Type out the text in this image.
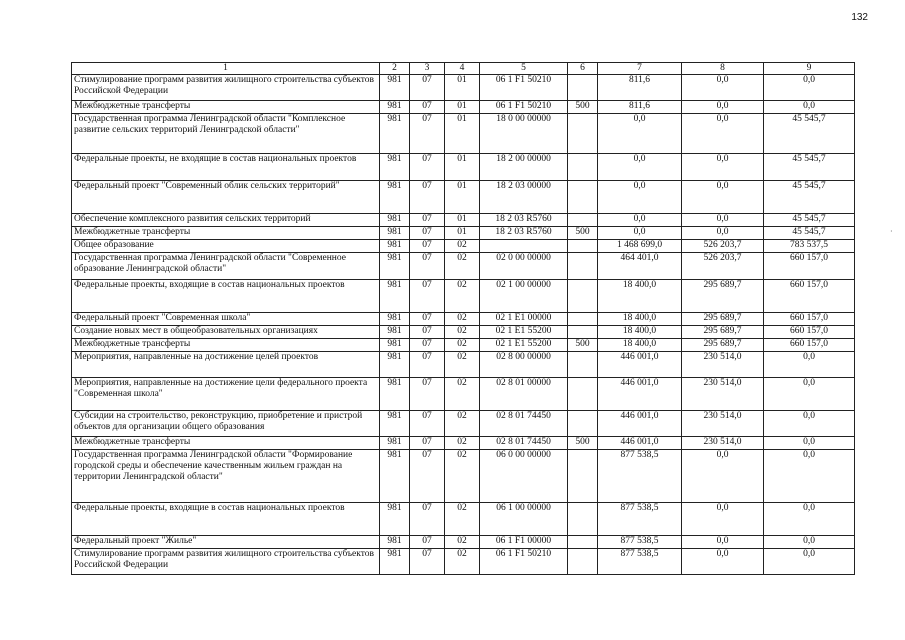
132
1	2	3	4	5	6	7	8	9
Стимулирование программ развития жилищного строительства субъектов Российской Федерации	981	07	01	06 1 F1 50210		811,6	0,0	0,0
Межбюджетные трансферты	981	07	01	06 1 F1 50210	500	811,6	0,0	0,0
Государственная программа Ленинградской области "Комплексное развитие сельских территорий Ленинградской области"	981	07	01	18 0 00 00000		0,0	0,0	45 545,7
Федеральные проекты, не входящие в состав национальных проектов	981	07	01	18 2 00 00000		0,0	0,0	45 545,7
Федеральный проект "Современный облик сельских территорий"	981	07	01	18 2 03 00000		0,0	0,0	45 545,7
Обеспечение комплексного развития сельских территорий	981	07	01	18 2 03 R5760		0,0	0,0	45 545,7
Межбюджетные трансферты	981	07	01	18 2 03 R5760	500	0,0	0,0	45 545,7
Общее образование	981	07	02			1 468 699,0	526 203,7	783 537,5
Государственная программа Ленинградской области "Современное образование Ленинградской области"	981	07	02	02 0 00 00000		464 401,0	526 203,7	660 157,0
Федеральные проекты, входящие в состав национальных проектов	981	07	02	02 1 00 00000		18 400,0	295 689,7	660 157,0
Федеральный проект "Современная школа"	981	07	02	02 1 E1 00000		18 400,0	295 689,7	660 157,0
Создание новых мест в общеобразовательных организациях	981	07	02	02 1 E1 55200		18 400,0	295 689,7	660 157,0
Межбюджетные трансферты	981	07	02	02 1 E1 55200	500	18 400,0	295 689,7	660 157,0
Мероприятия, направленные на достижение целей проектов	981	07	02	02 8 00 00000		446 001,0	230 514,0	0,0
Мероприятия, направленные на достижение цели федерального проекта "Современная школа"	981	07	02	02 8 01 00000		446 001,0	230 514,0	0,0
Субсидии на строительство, реконструкцию, приобретение и пристрой объектов для организации общего образования	981	07	02	02 8 01 74450		446 001,0	230 514,0	0,0
Межбюджетные трансферты	981	07	02	02 8 01 74450	500	446 001,0	230 514,0	0,0
Государственная программа Ленинградской области "Формирование городской среды и обеспечение качественным жильем граждан на территории Ленинградской области"	981	07	02	06 0 00 00000		877 538,5	0,0	0,0
Федеральные проекты, входящие в состав национальных проектов	981	07	02	06 1 00 00000		877 538,5	0,0	0,0
Федеральный проект "Жилье"	981	07	02	06 1 F1 00000		877 538,5	0,0	0,0
Стимулирование программ развития жилищного строительства субъектов Российской Федерации	981	07	02	06 1 F1 50210		877 538,5	0,0	0,0
·
